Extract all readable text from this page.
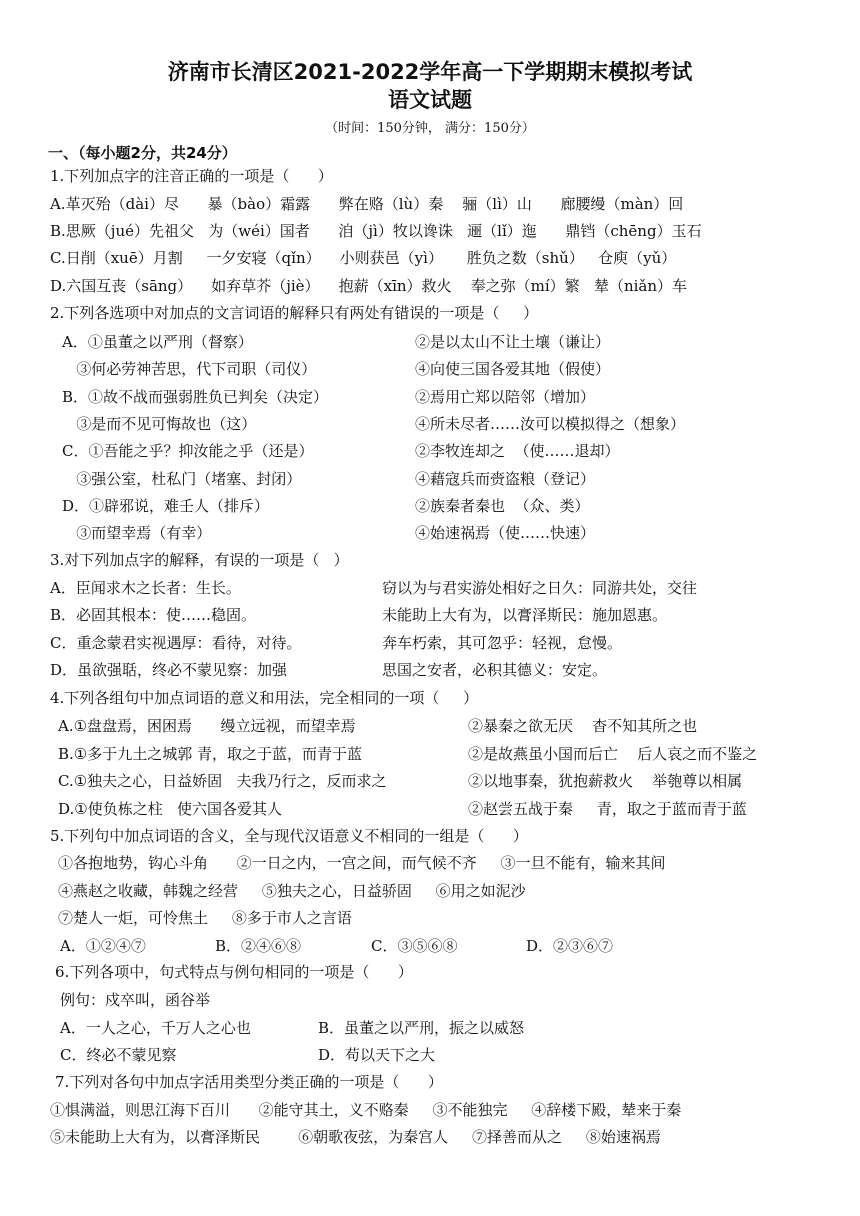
济南市长清区2021-2022学年高一下学期期末模拟考试
语文试题
（时间：150分钟， 满分：150分）
一、（每小题2分，共24分）
1.下列加点字的注音正确的一项是（      ）
A.革灭殆（dài）尽      暴（bào）霜露      弊在赂（lù）秦    骊（lì）山      廊腰缦（màn）回
B.思厥（jué）先祖父   为（wéi）国者      洎（jì）牧以谗诛   逦（lǐ）迤      鼎铛（chēng）玉石
C.日削（xuē）月割     一夕安寝（qǐn）    小则获邑（yì）     胜负之数（shǔ）   仓庾（yǔ）
D.六国互丧（sāng）    如弃草芥（jiè）    抱薪（xīn）救火    奉之弥（mí）繁   辇（niǎn）车
2.下列各选项中对加点的文言词语的解释只有两处有错误的一项是（     ）
A．①虽董之以严刑（督察）	②是以太山不让土壤（谦让）
③何必劳神苦思，代下司职（司仪）	④向使三国各爱其地（假使）
B．①故不战而强弱胜负已判矣（决定）	②焉用亡郑以陪邻（增加）
③是而不见可悔故也（这）	④所未尽者……汝可以模拟得之（想象）
C．①吾能之乎？抑汝能之乎（还是）	②李牧连却之  （使……退却）
③强公室，杜私门（堵塞、封闭）	④藉寇兵而赍盗粮（登记）
D．①辟邪说，难壬人（排斥）	②族秦者秦也  （众、类）
③而望幸焉（有幸）	④始速祸焉（使……快速）
3.对下列加点字的解释，有误的一项是（   ）
A．臣闻求木之长者：生长。	窃以为与君实游处相好之日久：同游共处，交往
B．必固其根本：使……稳固。	未能助上大有为，以膏泽斯民：施加恩惠。
C．重念蒙君实视遇厚：看待，对待。	奔车朽索，其可忽乎：轻视，怠慢。
D．虽欲强聒，终必不蒙见察：加强	思国之安者，必积其德义：安定。
4.下列各组句中加点词语的意义和用法，完全相同的一项（     ）
A.①盘盘焉，困困焉      缦立远视，而望幸焉	②暴秦之欲无厌    杳不知其所之也
B.①多于九土之城郭 青，取之于蓝，而青于蓝	②是故燕虽小国而后亡    后人哀之而不鉴之
C.①独夫之心，日益娇固   夫我乃行之，反而求之	②以地事秦，犹抱薪救火    举匏尊以相属
D.①使负栋之柱   使六国各爱其人	②赵尝五战于秦     青，取之于蓝而青于蓝
5.下列句中加点词语的含义，全与现代汉语意义不相同的一组是（      ）
①各抱地势，钩心斗角      ②一日之内，一宫之间，而气候不齐     ③一旦不能有，输来其间
④燕赵之收藏，韩魏之经营     ⑤独夫之心，日益骄固     ⑥用之如泥沙
⑦楚人一炬，可怜焦土     ⑧多于市人之言语
A．①②④⑦	B．②④⑥⑧	C．③⑤⑥⑧	D．②③⑥⑦
6.下列各项中，句式特点与例句相同的一项是（      ）
例句：戍卒叫，函谷举
A．一人之心，千万人之心也	B．虽董之以严刑，振之以威怒
C．终必不蒙见察	D．苟以天下之大
7.下列对各句中加点字活用类型分类正确的一项是（      ）
①惧满溢，则思江海下百川      ②能守其土，义不赂秦     ③不能独完     ④辞楼下殿，辇来于秦
⑤未能助上大有为，以膏泽斯民        ⑥朝歌夜弦，为秦宫人     ⑦择善而从之     ⑧始速祸焉
